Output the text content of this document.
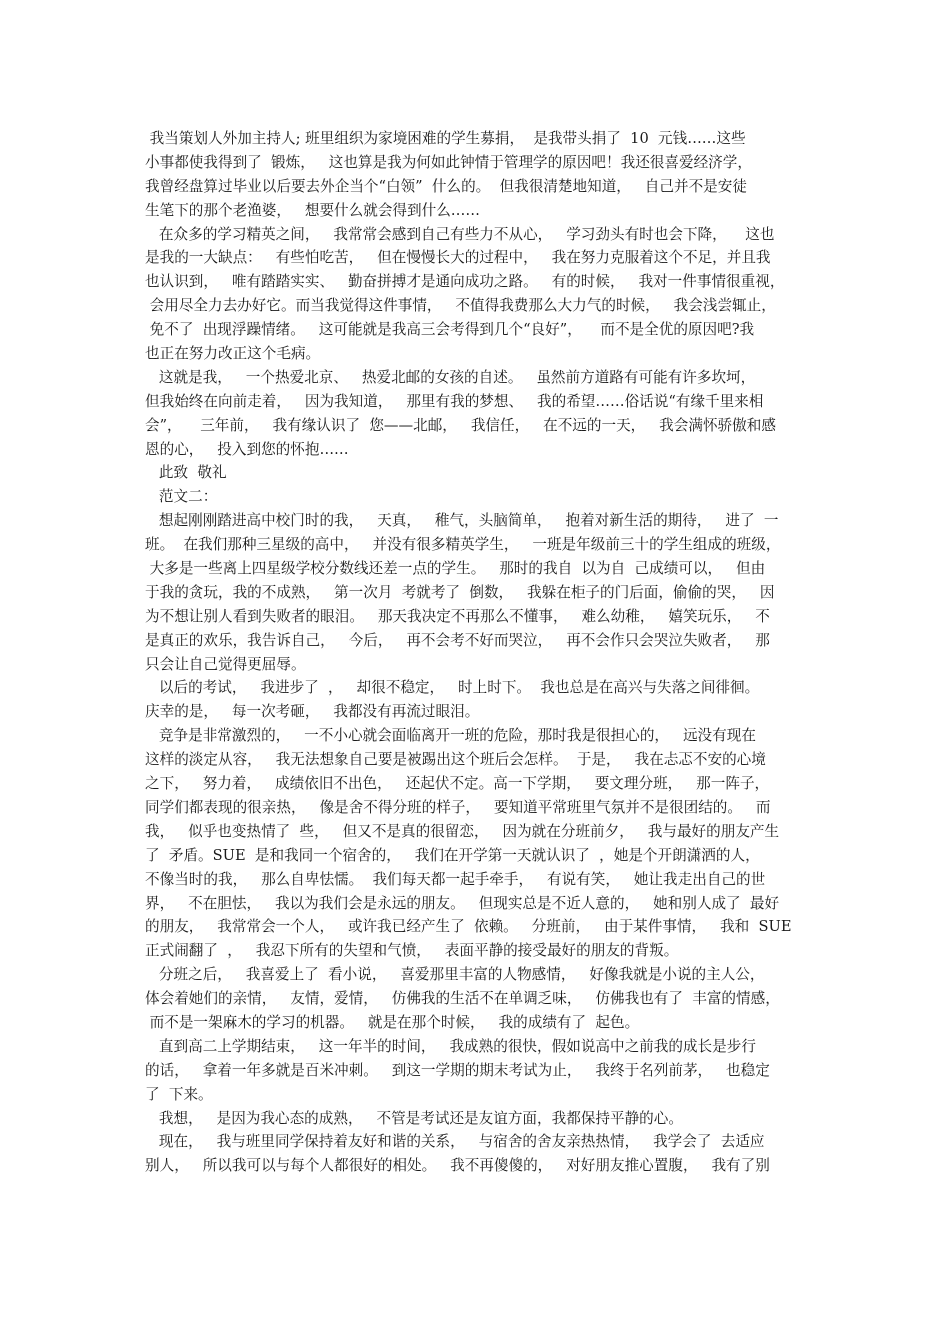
我当策划人外加主持人; 班里组织为家境困难的学生募捐，  是我带头捐了  10  元钱……这些
小事都使我得到了  锻炼，   这也算是我为何如此钟情于管理学的原因吧！我还很喜爱经济学，
我曾经盘算过毕业以后要去外企当个“白领”  什么的。  但我很清楚地知道，   自己并不是安徒
生笔下的那个老渔婆，   想要什么就会得到什么……
在众多的学习精英之间，   我常常会感到自己有些力不从心，   学习劲头有时也会下降，    这也
是我的一大缺点：   有些怕吃苦，   但在慢慢长大的过程中，   我在努力克服着这个不足，并且我
也认识到，   唯有踏踏实实、   勤奋拼搏才是通向成功之路。   有的时候，   我对一件事情很重视，
会用尽全力去办好它。而当我觉得这件事情，   不值得我费那么大力气的时候，   我会浅尝辄止，
免不了  出现浮躁情绪。   这可能就是我高三会考得到几个“良好”，    而不是全优的原因吧?我
也正在努力改正这个毛病。
这就是我，   一个热爱北京、   热爱北邮的女孩的自述。   虽然前方道路有可能有许多坎坷，
但我始终在向前走着，   因为我知道，   那里有我的梦想、   我的希望……俗话说“有缘千里来相
会”，    三年前，   我有缘认识了  您——北邮，   我信任，   在不远的一天，   我会满怀骄傲和感
恩的心，   投入到您的怀抱……
此致  敬礼
范文二：
想起刚刚踏进高中校门时的我，   天真，   稚气，头脑简单，   抱着对新生活的期待，   进了  一
班。  在我们那种三星级的高中，   并没有很多精英学生，   一班是年级前三十的学生组成的班级，
大多是一些离上四星级学校分数线还差一点的学生。   那时的我自  以为自  己成绩可以，   但由
于我的贪玩，我的不成熟，   第一次月  考就考了  倒数，   我躲在柜子的门后面，偷偷的哭，   因
为不想让别人看到失败者的眼泪。   那天我决定不再那么不懂事，   难么幼稚，   嬉笑玩乐，   不
是真正的欢乐，我告诉自己，   今后，   再不会考不好而哭泣，   再不会作只会哭泣失败者，   那
只会让自己觉得更屈辱。
以后的考试，   我进步了  ，   却很不稳定，   时上时下。  我也总是在高兴与失落之间徘徊。
庆幸的是，   每一次考砸，   我都没有再流过眼泪。
竞争是非常激烈的，   一不小心就会面临离开一班的危险，那时我是很担心的，   远没有现在
这样的淡定从容，   我无法想象自己要是被踢出这个班后会怎样。  于是，   我在忐忑不安的心境
之下，   努力着，   成绩依旧不出色，   还起伏不定。高一下学期，   要文理分班，   那一阵子，
同学们都表现的很亲热，   像是舍不得分班的样子，   要知道平常班里气氛并不是很团结的。   而
我，   似乎也变热情了  些，   但又不是真的很留恋，   因为就在分班前夕，   我与最好的朋友产生
了  矛盾。SUE  是和我同一个宿舍的，   我们在开学第一天就认识了  ，她是个开朗潇洒的人，
不像当时的我，   那么自卑怯懦。  我们每天都一起手牵手，   有说有笑，   她让我走出自己的世
界，   不在胆怯，   我以为我们会是永远的朋友。   但现实总是不近人意的，   她和别人成了  最好
的朋友，   我常常会一个人，   或许我已经产生了  依赖。   分班前，   由于某件事情，   我和  SUE
正式闹翻了  ，   我忍下所有的失望和气愤，   表面平静的接受最好的朋友的背叛。
分班之后，   我喜爱上了  看小说，   喜爱那里丰富的人物感情，   好像我就是小说的主人公，
体会着她们的亲情，   友情，爱情，   仿佛我的生活不在单调乏味，   仿佛我也有了  丰富的情感，
而不是一架麻木的学习的机器。   就是在那个时候，   我的成绩有了  起色。
直到高二上学期结束，   这一年半的时间，   我成熟的很快，假如说高中之前我的成长是步行
的话，   拿着一年多就是百米冲刺。   到这一学期的期末考试为止，   我终于名列前茅，   也稳定
了  下来。
我想，   是因为我心态的成熟，   不管是考试还是友谊方面，我都保持平静的心。
现在，   我与班里同学保持着友好和谐的关系，   与宿舍的舍友亲热热情，   我学会了  去适应
别人，   所以我可以与每个人都很好的相处。   我不再傻傻的，   对好朋友推心置腹，   我有了别
